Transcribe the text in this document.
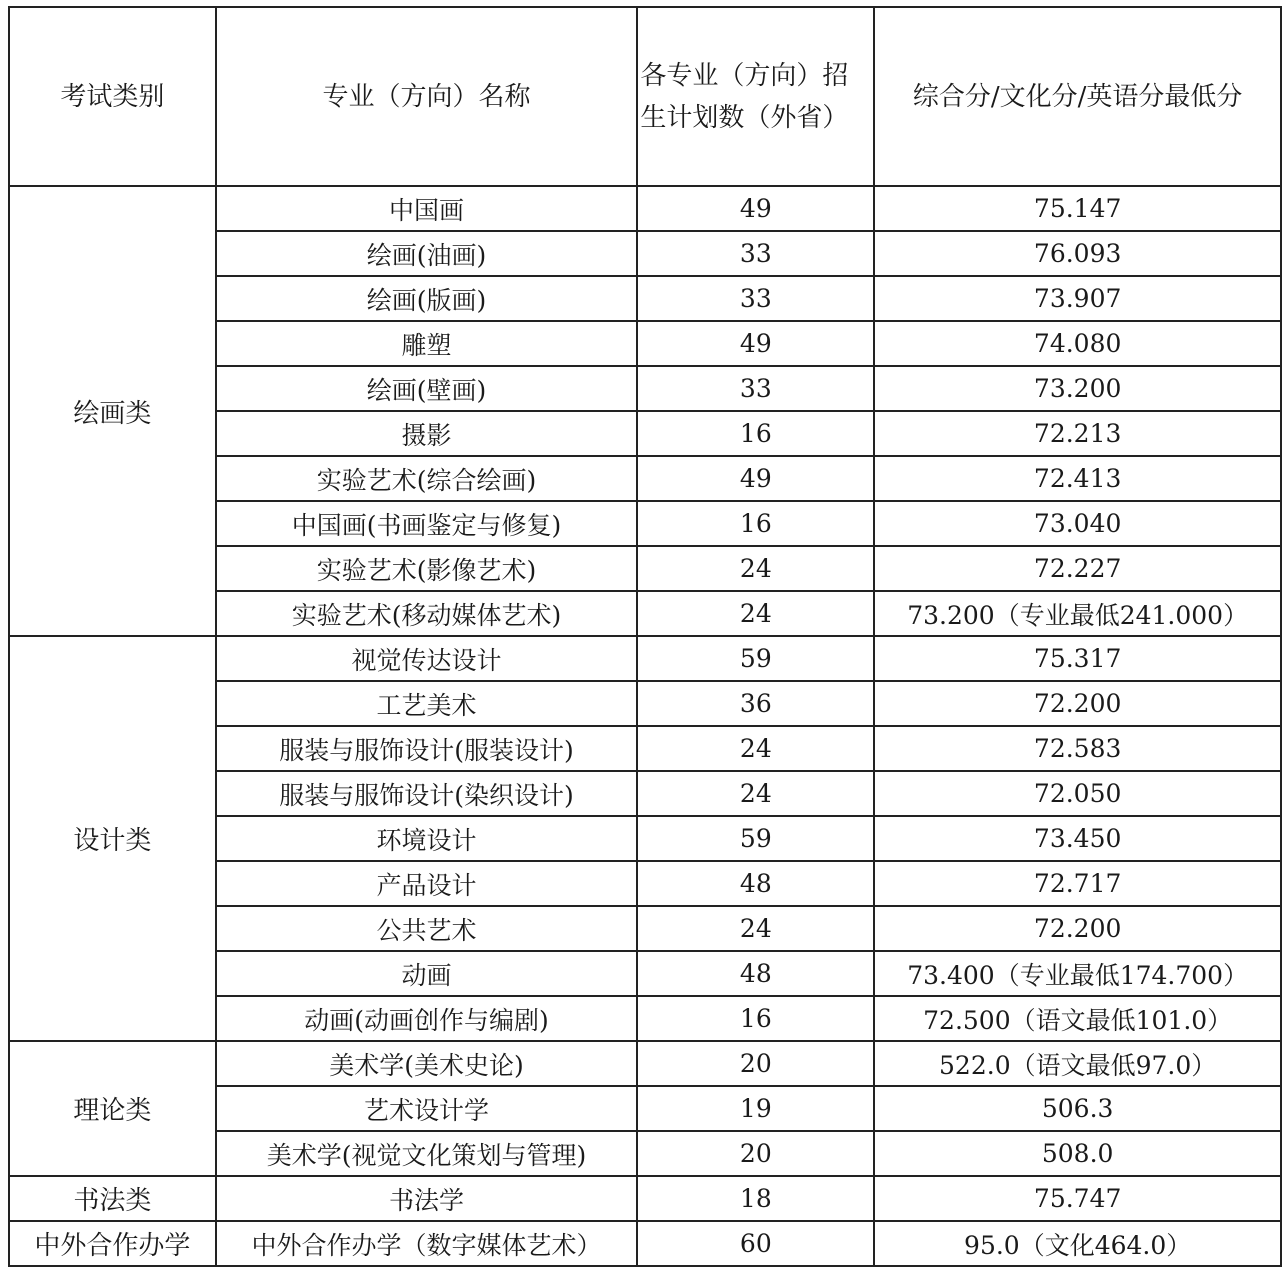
考试类别	专业（方向）名称	各专业（方向）招生计划数（外省）	综合分/文化分/英语分最低分
绘画类	中国画	49	75.147
	绘画(油画)	33	76.093
	绘画(版画)	33	73.907
	雕塑	49	74.080
	绘画(壁画)	33	73.200
	摄影	16	72.213
	实验艺术(综合绘画)	49	72.413
	中国画(书画鉴定与修复)	16	73.040
	实验艺术(影像艺术)	24	72.227
	实验艺术(移动媒体艺术)	24	73.200（专业最低241.000）
设计类	视觉传达设计	59	75.317
	工艺美术	36	72.200
	服装与服饰设计(服装设计)	24	72.583
	服装与服饰设计(染织设计)	24	72.050
	环境设计	59	73.450
	产品设计	48	72.717
	公共艺术	24	72.200
	动画	48	73.400（专业最低174.700）
	动画(动画创作与编剧)	16	72.500（语文最低101.0）
理论类	美术学(美术史论)	20	522.0（语文最低97.0）
	艺术设计学	19	506.3
	美术学(视觉文化策划与管理)	20	508.0
书法类	书法学	18	75.747
中外合作办学	中外合作办学（数字媒体艺术）	60	95.0（文化464.0）
